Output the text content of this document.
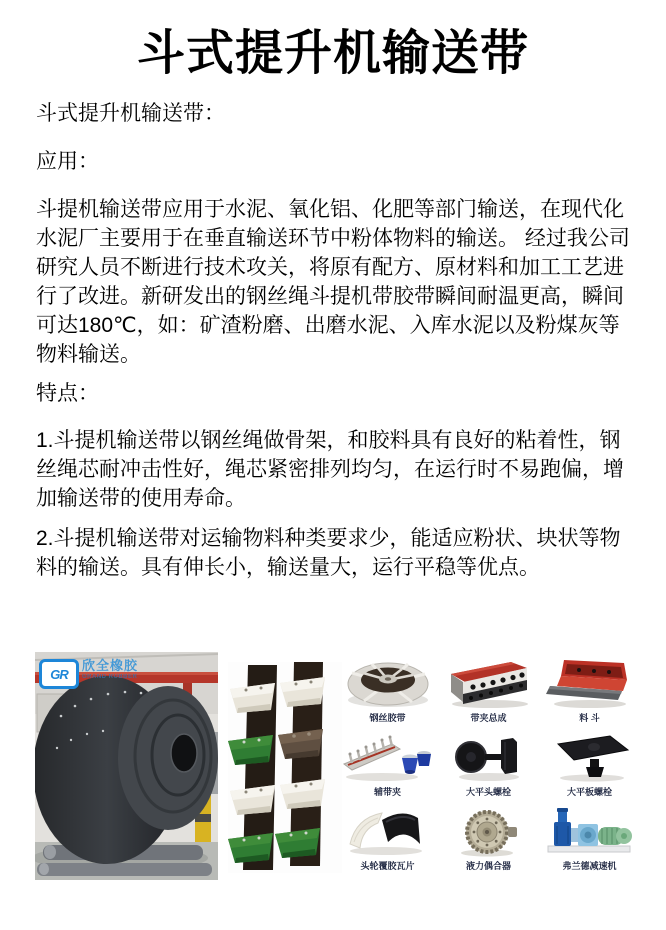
斗式提升机输送带
斗式提升机输送带：
应用：
斗提机输送带应用于水泥、氧化铝、化肥等部门输送，在现代化水泥厂主要用于在垂直输送环节中粉体物料的输送。 经过我公司研究人员不断进行技术攻关，将原有配方、原材料和加工工艺进行了改进。新研发出的钢丝绳斗提机带胶带瞬间耐温更高，瞬间可达180℃，如：矿渣粉磨、出磨水泥、入库水泥以及粉煤灰等物料输送。
特点：
1.斗提机输送带以钢丝绳做骨架，和胶料具有良好的粘着性，钢丝绳芯耐冲击性好，绳芯紧密排列均匀，在运行时不易跑偏，增加输送带的使用寿命。
2.斗提机输送带对运输物料种类要求少，能适应粉状、块状等物料的输送。具有伸长小，输送量大，运行平稳等优点。
GR
欣全橡胶
GRAND RUBBER
钢丝胶带	带夹总成	料 斗
辅带夹	大平头螺栓	大平板螺栓
头轮覆胶瓦片	液力偶合器	弗兰德减速机
